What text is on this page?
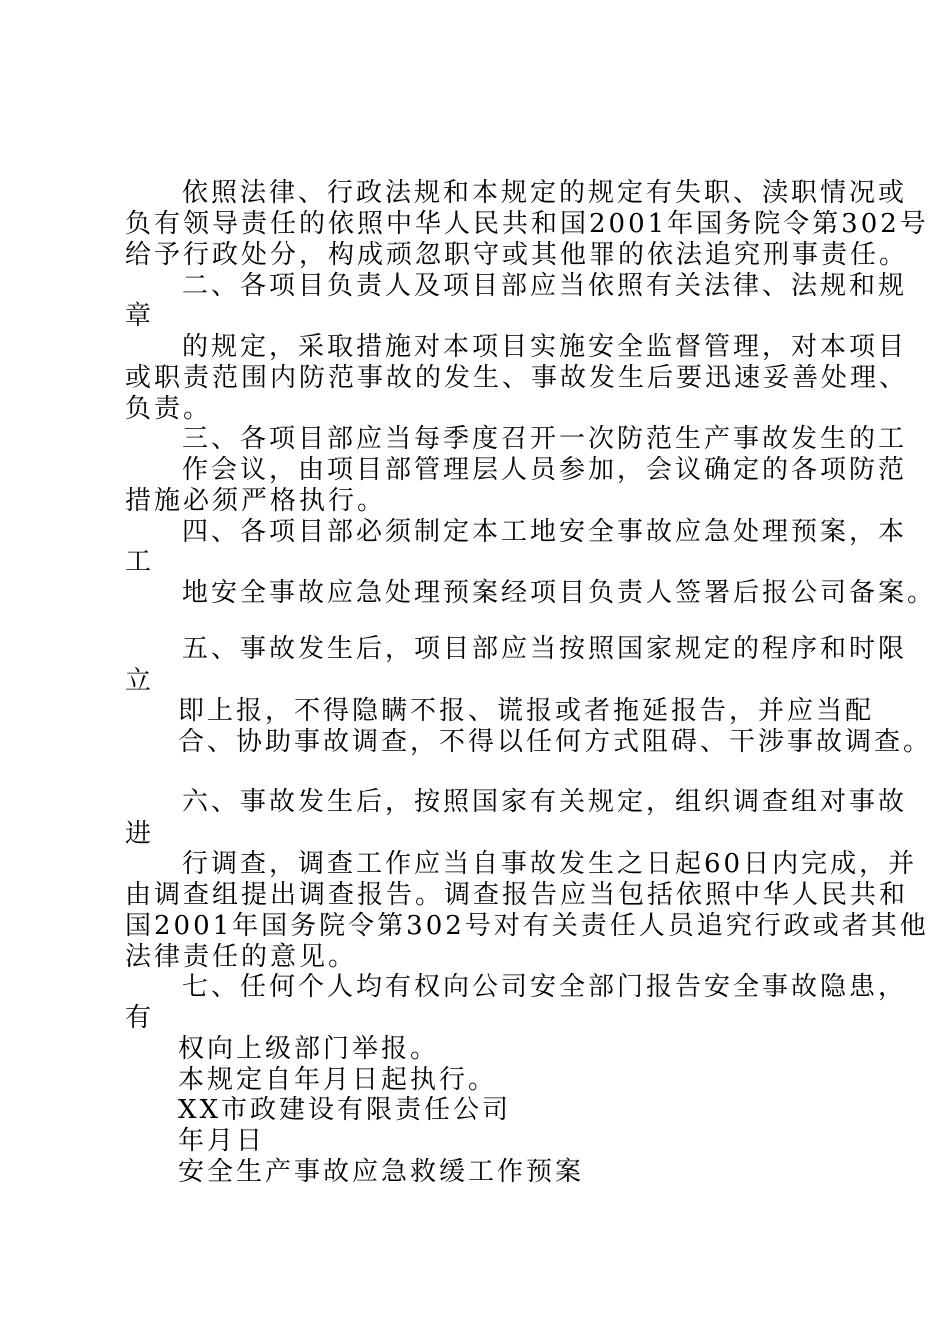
依照法律、行政法规和本规定的规定有失职、渎职情况或
负有领导责任的依照中华人民共和国2001年国务院令第302号
给予行政处分，构成顽忽职守或其他罪的依法追究刑事责任。
二、各项目负责人及项目部应当依照有关法律、法规和规
章
的规定，采取措施对本项目实施安全监督管理，对本项目
或职责范围内防范事故的发生、事故发生后要迅速妥善处理、
负责。
三、各项目部应当每季度召开一次防范生产事故发生的工
作会议，由项目部管理层人员参加，会议确定的各项防范
措施必须严格执行。
四、各项目部必须制定本工地安全事故应急处理预案，本
工
地安全事故应急处理预案经项目负责人签署后报公司备案。
五、事故发生后，项目部应当按照国家规定的程序和时限
立
即上报，不得隐瞒不报、谎报或者拖延报告，并应当配
合、协助事故调查，不得以任何方式阻碍、干涉事故调查。
六、事故发生后，按照国家有关规定，组织调查组对事故
进
行调查，调查工作应当自事故发生之日起60日内完成，并
由调查组提出调查报告。调查报告应当包括依照中华人民共和
国2001年国务院令第302号对有关责任人员追究行政或者其他
法律责任的意见。
七、任何个人均有权向公司安全部门报告安全事故隐患，
有
权向上级部门举报。
本规定自年月日起执行。
XX市政建设有限责任公司
年月日
安全生产事故应急救缓工作预案
